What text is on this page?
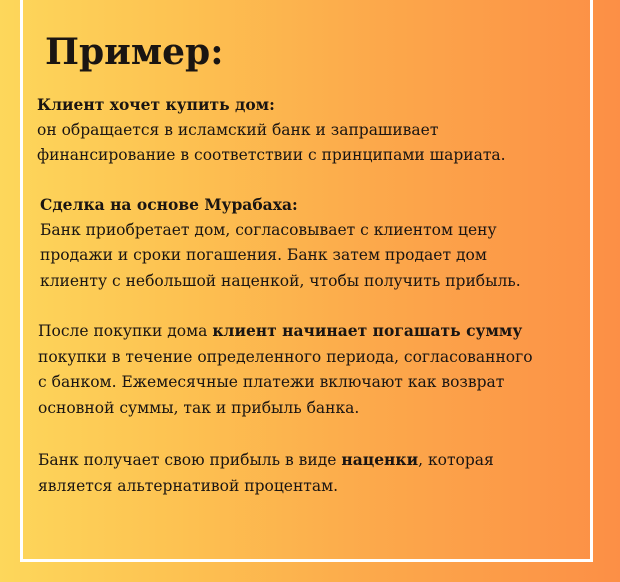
Пример:

Клиент хочет купить дом:

он обращается в исламский банк и запрашивает

финансирование в соответствии с принципами шариата.

Сделка на основе Мурабаха:

Банк приобретает дом, согласовывает с клиентом цену

продажи и сроки погашения. Банк затем продает дом

клиенту с небольшой наценкой, чтобы получить прибыль.

После покупки дома клиент начинает погашать сумму

покупки в течение определенного периода, согласованного

с банком. Ежемесячные платежи включают как возврат

основной суммы, так и прибыль банка.

Банк получает свою прибыль в виде наценки, которая

является альтернативой процентам.
